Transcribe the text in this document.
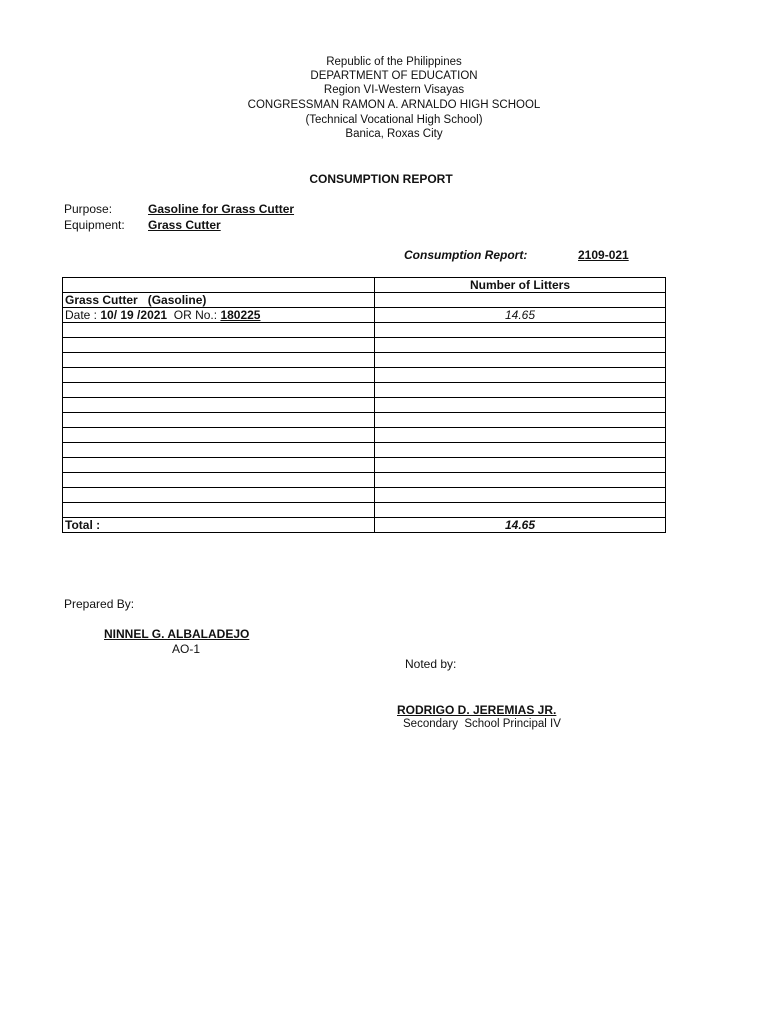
Republic of the Philippines
DEPARTMENT OF EDUCATION
Region VI-Western Visayas
CONGRESSMAN RAMON A. ARNALDO HIGH SCHOOL
(Technical Vocational High School)
Banica, Roxas City
CONSUMPTION REPORT
Purpose:	Gasoline for Grass Cutter
Equipment: Grass Cutter
Consumption Report:	2109-021
	Number of Litters
Grass Cutter   (Gasoline)	
Date : 10/ 19 /2021  OR No.: 180225	14.65

Total :	14.65
Prepared By:
NINNEL G. ALBALADEJO
AO-1
Noted by:
RODRIGO D. JEREMIAS JR.
Secondary  School Principal IV
